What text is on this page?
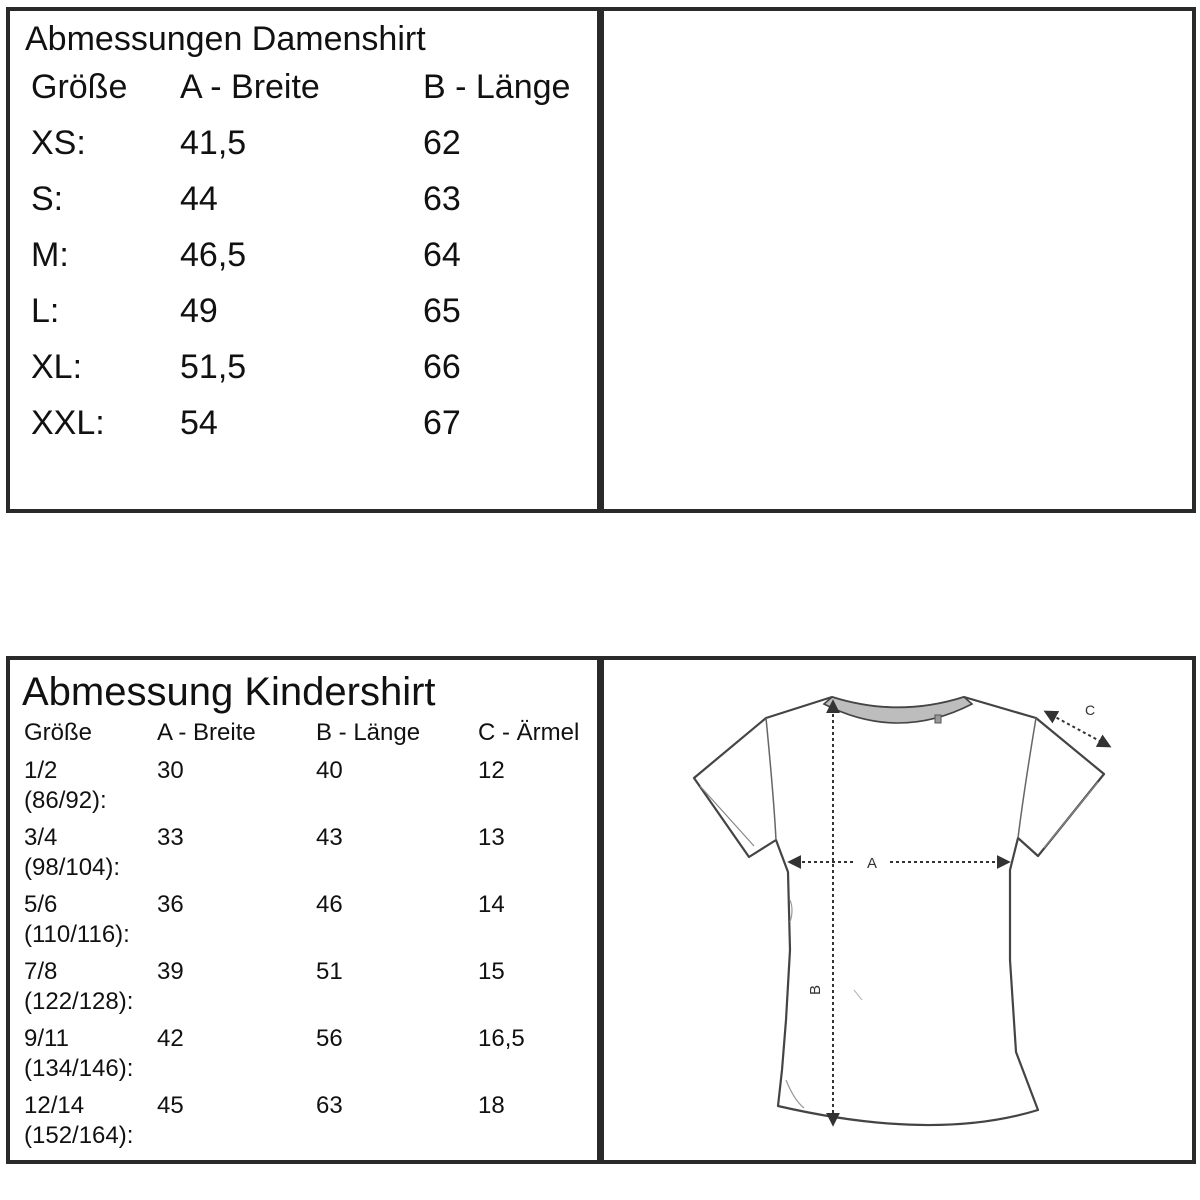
Abmessungen Damenshirt
Größe A - Breite	B - Länge
XS:	41,5	62
S:	44	63
M:	46,5	64
L:	49	65
XL:	51,5	66
XXL: 54	67
Abmessung Kindershirt
Größe	A - Breite	B - Länge C - Ärmel
1/2
(86/92):
30	40	12
3/4
(98/104):
33	43	13
5/6
(110/116):
36	46	14
7/8
(122/128):
39	51	15
9/11
(134/146):
42	56	16,5
12/14
(152/164):
45	63	18
A
B
C
